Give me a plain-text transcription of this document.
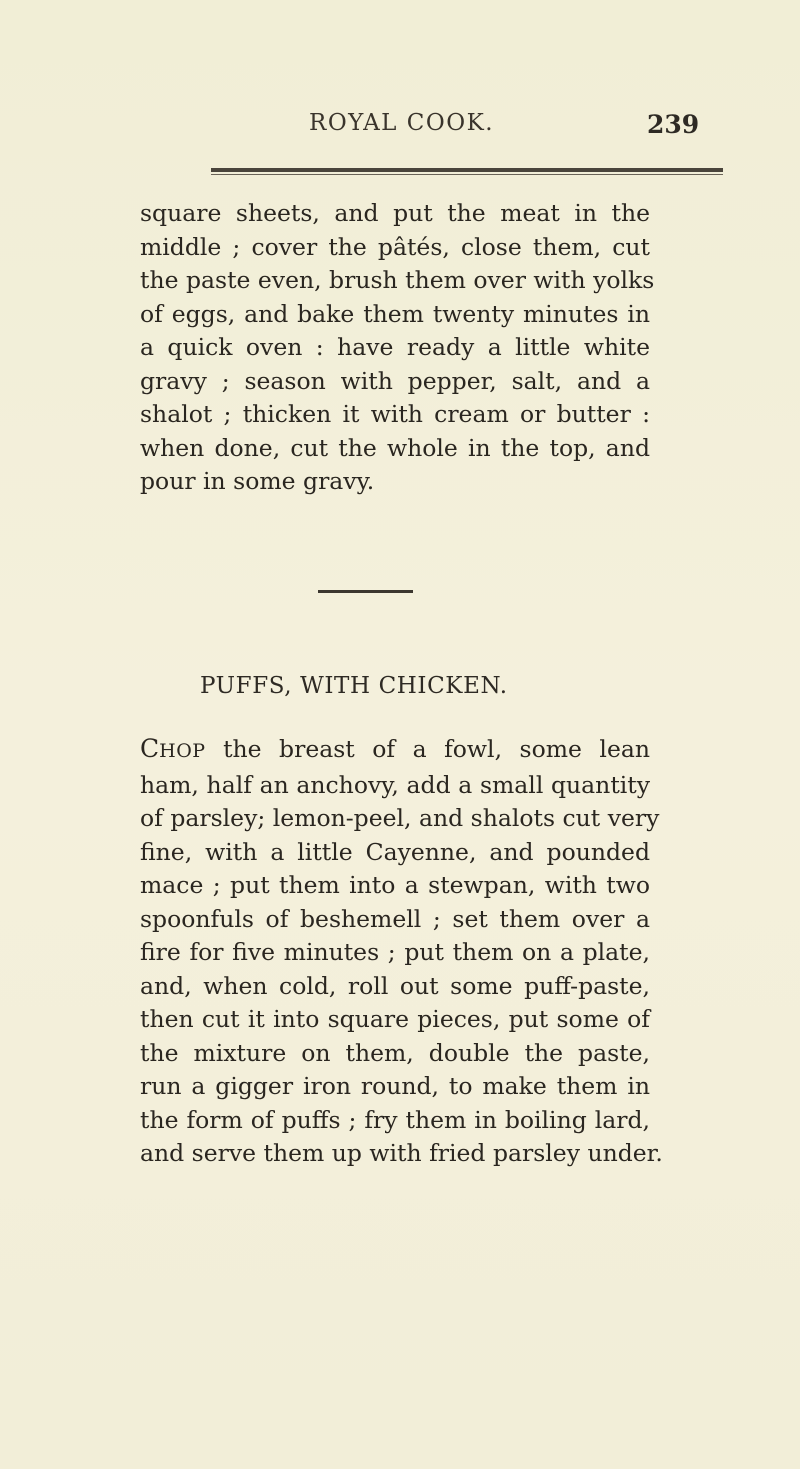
ROYAL COOK.	239
square sheets, and put the meat in the
middle ; cover the pâtés, close them, cut
the paste even, brush them over with yolks
of eggs, and bake them twenty minutes in
a quick oven : have ready a little white
gravy ; season with pepper, salt, and a
shalot ; thicken it with cream or butter :
when done, cut the whole in the top, and
pour in some gravy.
PUFFS, WITH CHICKEN.
CHOP the breast of a fowl, some lean
ham, half an anchovy, add a small quantity
of parsley; lemon-peel, and shalots cut very
fine, with a little Cayenne, and pounded
mace ; put them into a stewpan, with two
spoonfuls of beshemell ; set them over a
fire for five minutes ; put them on a plate,
and, when cold, roll out some puff-paste,
then cut it into square pieces, put some of
the mixture on them, double the paste,
run a gigger iron round, to make them in
the form of puffs ; fry them in boiling lard,
and serve them up with fried parsley under.
